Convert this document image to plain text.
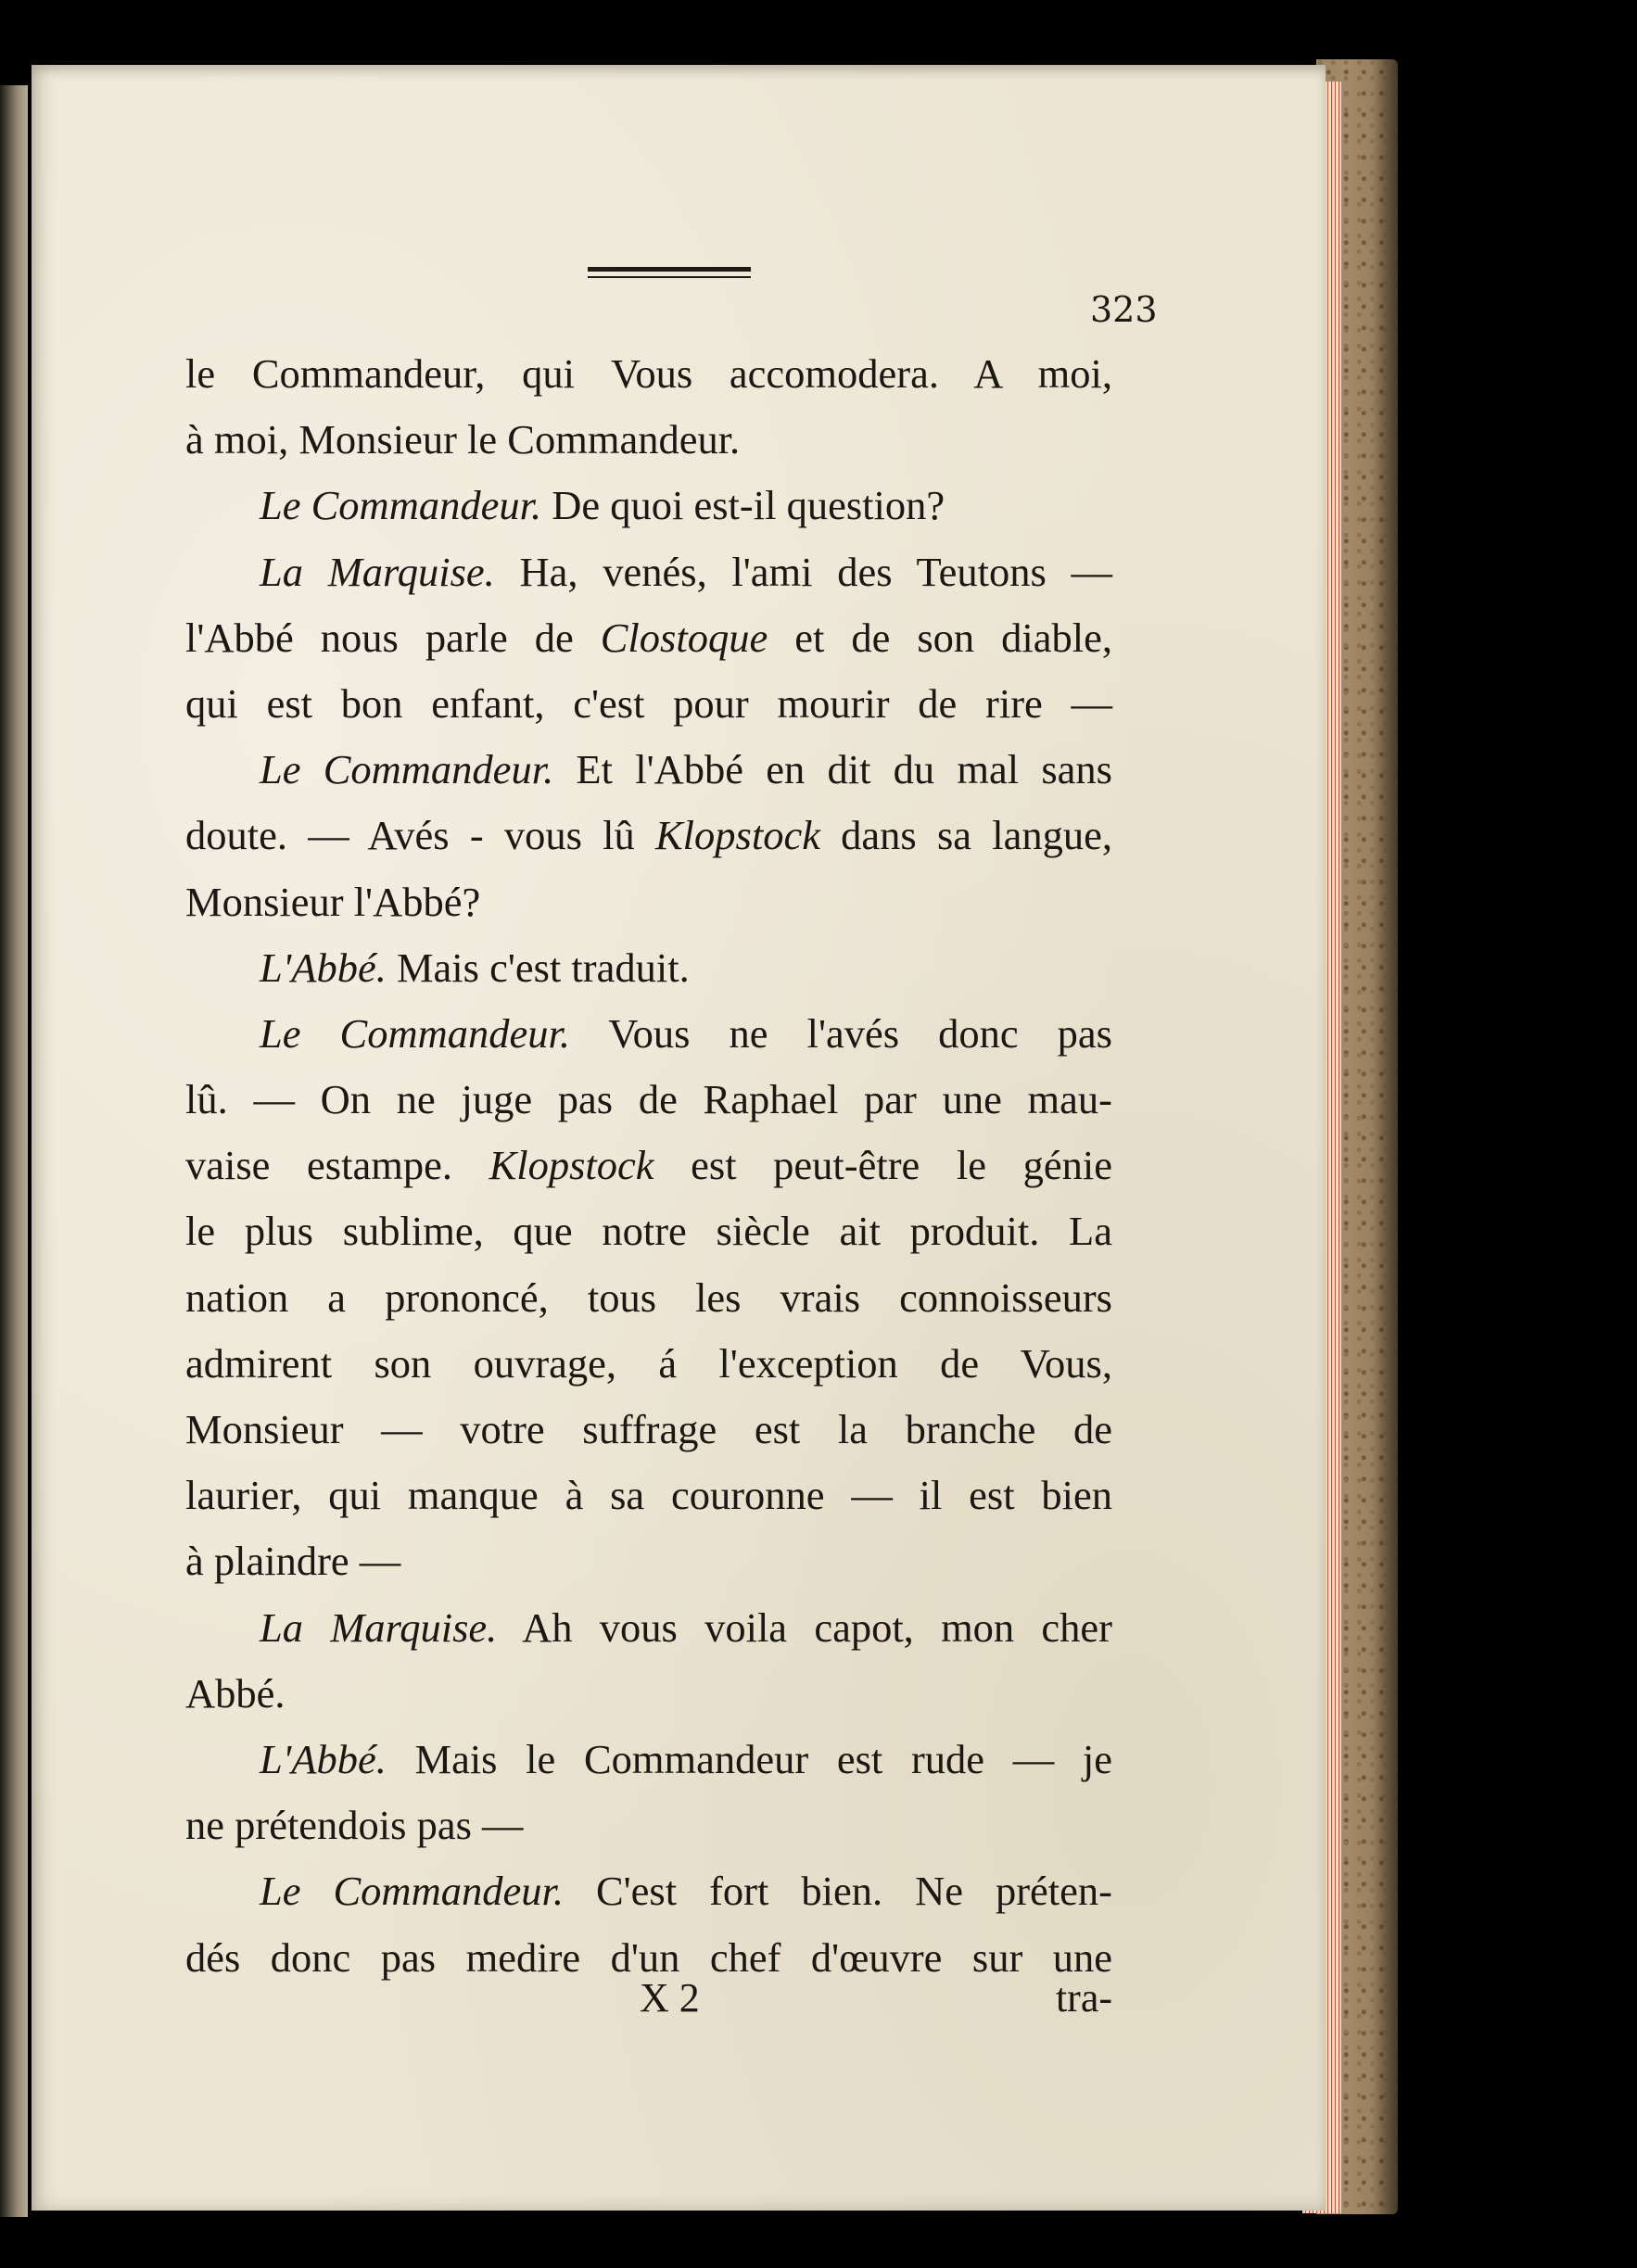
323

le Commandeur, qui Vous accomodera. A moi,
à moi, Monsieur le Commandeur.
Le Commandeur. De quoi est-il question?
La Marquise. Ha, venés, l'ami des Teutons —
l'Abbé nous parle de Clostoque et de son diable,
qui est bon enfant, c'est pour mourir de rire —
Le Commandeur. Et l'Abbé en dit du mal sans
doute. — Avés - vous lû Klopstock dans sa langue,
Monsieur l'Abbé?
L'Abbé. Mais c'est traduit.
Le Commandeur. Vous ne l'avés donc pas
lû. — On ne juge pas de Raphael par une mau-
vaise estampe. Klopstock est peut-être le génie
le plus sublime, que notre siècle ait produit. La
nation a prononcé, tous les vrais connoisseurs
admirent son ouvrage, á l'exception de Vous,
Monsieur — votre suffrage est la branche de
laurier, qui manque à sa couronne — il est bien
à plaindre —
La Marquise. Ah vous voila capot, mon cher
Abbé.
L'Abbé. Mais le Commandeur est rude — je
ne prétendois pas —
Le Commandeur. C'est fort bien. Ne préten-
dés donc pas medire d'un chef d'œuvre sur une

X 2	tra-
